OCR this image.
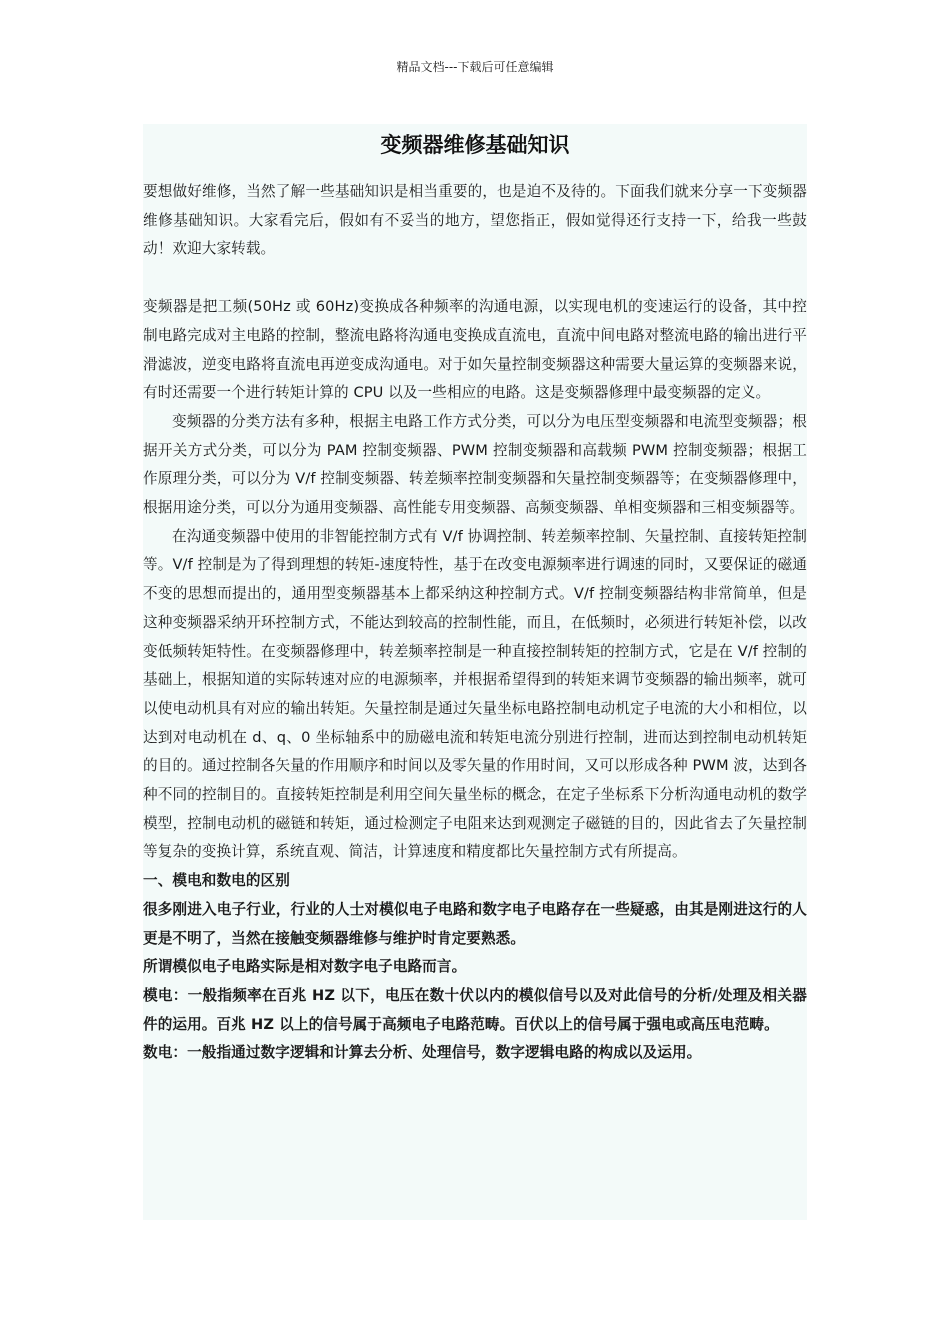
精品文档---下载后可任意编辑
变频器维修基础知识

要想做好维修，当然了解一些基础知识是相当重要的，也是迫不及待的。下面我们就来分享一下变频器维修基础知识。大家看完后，假如有不妥当的地方，望您指正，假如觉得还行支持一下，给我一些鼓动！欢迎大家转载。

变频器是把工频(50Hz 或 60Hz)变换成各种频率的沟通电源，以实现电机的变速运行的设备，其中控制电路完成对主电路的控制，整流电路将沟通电变换成直流电，直流中间电路对整流电路的输出进行平滑滤波，逆变电路将直流电再逆变成沟通电。对于如矢量控制变频器这种需要大量运算的变频器来说，有时还需要一个进行转矩计算的 CPU 以及一些相应的电路。这是变频器修理中最变频器的定义。

变频器的分类方法有多种，根据主电路工作方式分类，可以分为电压型变频器和电流型变频器；根据开关方式分类，可以分为 PAM 控制变频器、PWM 控制变频器和高载频 PWM 控制变频器；根据工作原理分类，可以分为 V/f 控制变频器、转差频率控制变频器和矢量控制变频器等；在变频器修理中，根据用途分类，可以分为通用变频器、高性能专用变频器、高频变频器、单相变频器和三相变频器等。

在沟通变频器中使用的非智能控制方式有 V/f 协调控制、转差频率控制、矢量控制、直接转矩控制等。V/f 控制是为了得到理想的转矩-速度特性，基于在改变电源频率进行调速的同时，又要保证的磁通不变的思想而提出的，通用型变频器基本上都采纳这种控制方式。V/f 控制变频器结构非常简单，但是这种变频器采纳开环控制方式，不能达到较高的控制性能，而且，在低频时，必须进行转矩补偿，以改变低频转矩特性。在变频器修理中，转差频率控制是一种直接控制转矩的控制方式，它是在 V/f 控制的基础上，根据知道的实际转速对应的电源频率，并根据希望得到的转矩来调节变频器的输出频率，就可以使电动机具有对应的输出转矩。矢量控制是通过矢量坐标电路控制电动机定子电流的大小和相位，以达到对电动机在 d、q、0 坐标轴系中的励磁电流和转矩电流分别进行控制，进而达到控制电动机转矩的目的。通过控制各矢量的作用顺序和时间以及零矢量的作用时间，又可以形成各种 PWM 波，达到各种不同的控制目的。直接转矩控制是利用空间矢量坐标的概念，在定子坐标系下分析沟通电动机的数学模型，控制电动机的磁链和转矩，通过检测定子电阻来达到观测定子磁链的目的，因此省去了矢量控制等复杂的变换计算，系统直观、简洁，计算速度和精度都比矢量控制方式有所提高。

一、模电和数电的区别

很多刚进入电子行业，行业的人士对模似电子电路和数字电子电路存在一些疑惑，由其是刚进这行的人更是不明了，当然在接触变频器维修与维护时肯定要熟悉。

所谓模似电子电路实际是相对数字电子电路而言。

模电：一般指频率在百兆 HZ 以下，电压在数十伏以内的模似信号以及对此信号的分析/处理及相关器件的运用。百兆 HZ 以上的信号属于高频电子电路范畴。百伏以上的信号属于强电或高压电范畴。

数电：一般指通过数字逻辑和计算去分析、处理信号，数字逻辑电路的构成以及运用。
